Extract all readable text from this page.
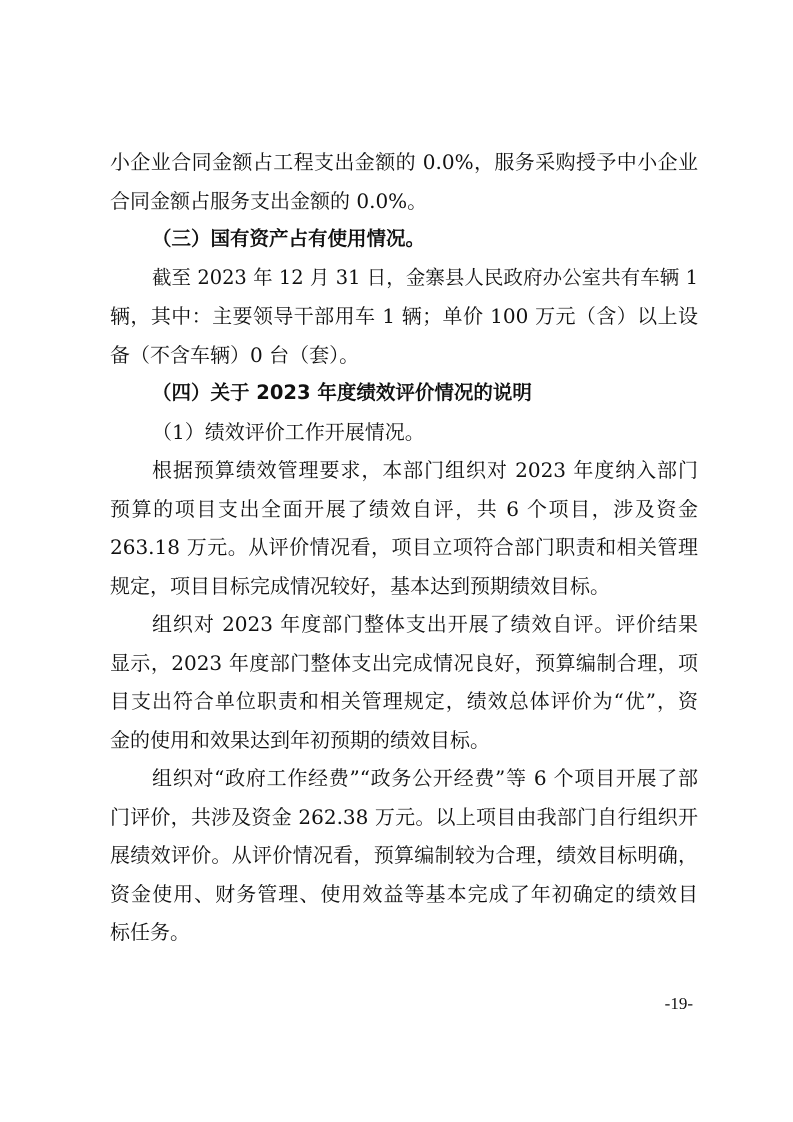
小企业合同金额占工程支出金额的 0.0%，服务采购授予中小企业
合同金额占服务支出金额的 0.0%。
（三）国有资产占有使用情况。
截至 2023 年 12 月 31 日，金寨县人民政府办公室共有车辆 1
辆，其中：主要领导干部用车 1 辆；单价 100 万元（含）以上设
备（不含车辆）0 台（套）。
（四）关于 2023 年度绩效评价情况的说明
（1）绩效评价工作开展情况。
根据预算绩效管理要求，本部门组织对 2023 年度纳入部门
预算的项目支出全面开展了绩效自评，共 6 个项目，涉及资金
263.18 万元。从评价情况看，项目立项符合部门职责和相关管理
规定，项目目标完成情况较好，基本达到预期绩效目标。
组织对 2023 年度部门整体支出开展了绩效自评。评价结果
显示，2023 年度部门整体支出完成情况良好，预算编制合理，项
目支出符合单位职责和相关管理规定，绩效总体评价为“优”，资
金的使用和效果达到年初预期的绩效目标。
组织对“政府工作经费”“政务公开经费”等 6 个项目开展了部
门评价，共涉及资金 262.38 万元。以上项目由我部门自行组织开
展绩效评价。从评价情况看，预算编制较为合理，绩效目标明确，
资金使用、财务管理、使用效益等基本完成了年初确定的绩效目
标任务。
-19-
